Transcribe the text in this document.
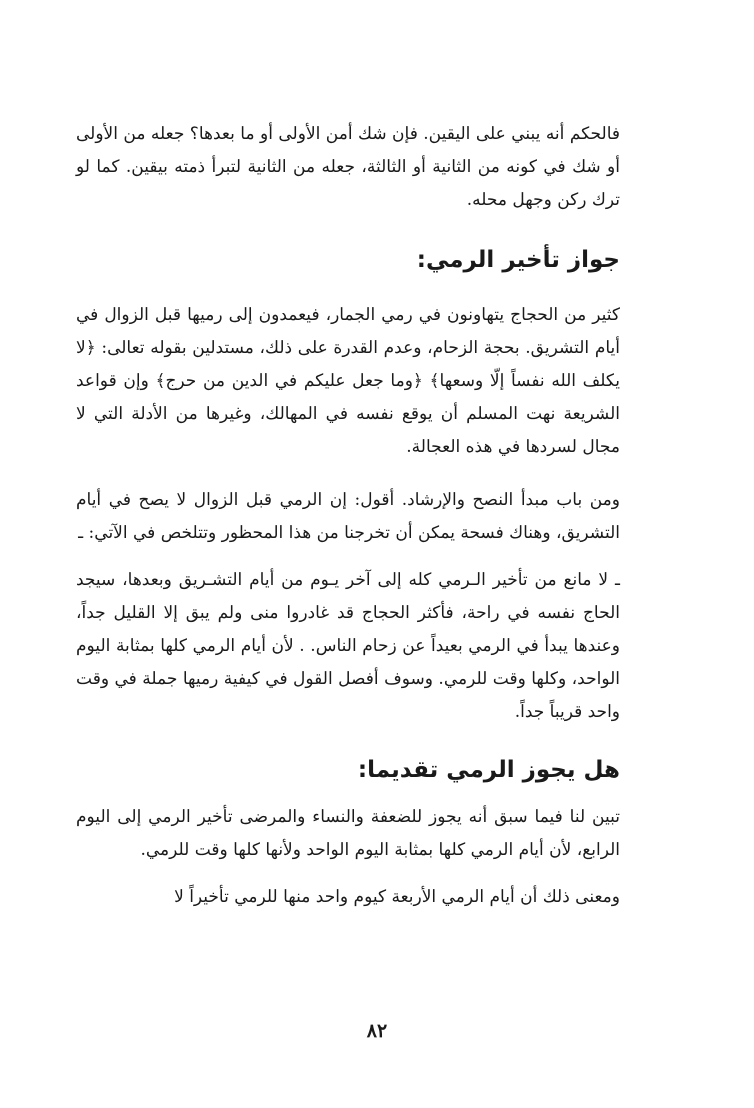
فالحكم أنه يبني على اليقين. فإن شك أمن الأولى أو ما بعدها؟ جعله من الأولى أو شك في كونه من الثانية أو الثالثة، جعله من الثانية لتبرأ ذمته بيقين. كما لو ترك ركن وجهل محله.

جواز تأخير الرمي:

كثير من الحجاج يتهاونون في رمي الجمار، فيعمدون إلى رميها قبل الزوال في أيام التشريق. بحجة الزحام، وعدم القدرة على ذلك، مستدلين بقوله تعالى: ﴿لا يكلف الله نفساً إلّا وسعها﴾ ﴿وما جعل عليكم في الدين من حرج﴾ وإن قواعد الشريعة نهت المسلم أن يوقع نفسه في المهالك، وغيرها من الأدلة التي لا مجال لسردها في هذه العجالة.

ومن باب مبدأ النصح والإرشاد. أقول: إن الرمي قبل الزوال لا يصح في أيام التشريق، وهناك فسحة يمكن أن تخرجنا من هذا المحظور وتتلخص في الآتي: ـ

ـ لا مانع من تأخير الـرمي كله إلى آخر يـوم من أيام التشـريق وبعدها، سيجد الحاج نفسه في راحة، فأكثر الحجاج قد غادروا منى ولم يبق إلا القليل جداً، وعندها يبدأ في الرمي بعيداً عن زحام الناس. . لأن أيام الرمي كلها بمثابة اليوم الواحد، وكلها وقت للرمي. وسوف أفصل القول في كيفية رميها جملة في وقت واحد قريباً جداً.

هل يجوز الرمي تقديما:

تبين لنا فيما سبق أنه يجوز للضعفة والنساء والمرضى تأخير الرمي إلى اليوم الرابع، لأن أيام الرمي كلها بمثابة اليوم الواحد ولأنها كلها وقت للرمي.

ومعنى ذلك أن أيام الرمي الأربعة كيوم واحد منها للرمي تأخيراً لا

٨٢
